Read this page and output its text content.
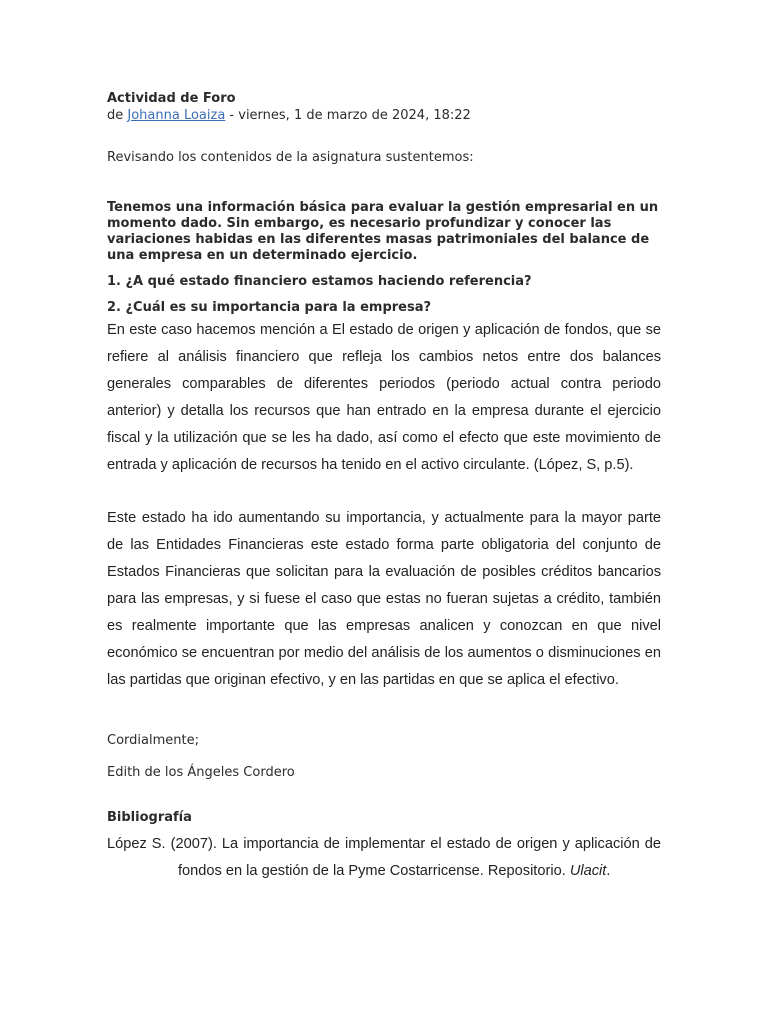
Actividad de Foro
de Johanna Loaiza - viernes, 1 de marzo de 2024, 18:22
Revisando los contenidos de la asignatura sustentemos:
Tenemos una información básica para evaluar la gestión empresarial en un momento dado. Sin embargo, es necesario profundizar y conocer las variaciones habidas en las diferentes masas patrimoniales del balance de una empresa en un determinado ejercicio.
1. ¿A qué estado financiero estamos haciendo referencia?
2. ¿Cuál es su importancia para la empresa?

En este caso hacemos mención a El estado de origen y aplicación de fondos, que se refiere al análisis financiero que refleja los cambios netos entre dos balances generales comparables de diferentes periodos (periodo actual contra periodo anterior) y detalla los recursos que han entrado en la empresa durante el ejercicio fiscal y la utilización que se les ha dado, así como el efecto que este movimiento de entrada y aplicación de recursos ha tenido en el activo circulante. (López, S, p.5).

Este estado ha ido aumentando su importancia, y actualmente para la mayor parte de las Entidades Financieras este estado forma parte obligatoria del conjunto de Estados Financieras que solicitan para la evaluación de posibles créditos bancarios para las empresas, y si fuese el caso que estas no fueran sujetas a crédito, también es realmente importante que las empresas analicen y conozcan en que nivel económico se encuentran por medio del análisis de los aumentos o disminuciones en las partidas que originan efectivo, y en las partidas en que se aplica el efectivo.

Cordialmente;
Edith de los Ángeles Cordero
Bibliografía
López S. (2007). La importancia de implementar el estado de origen y aplicación de fondos en la gestión de la Pyme Costarricense. Repositorio. Ulacit.
